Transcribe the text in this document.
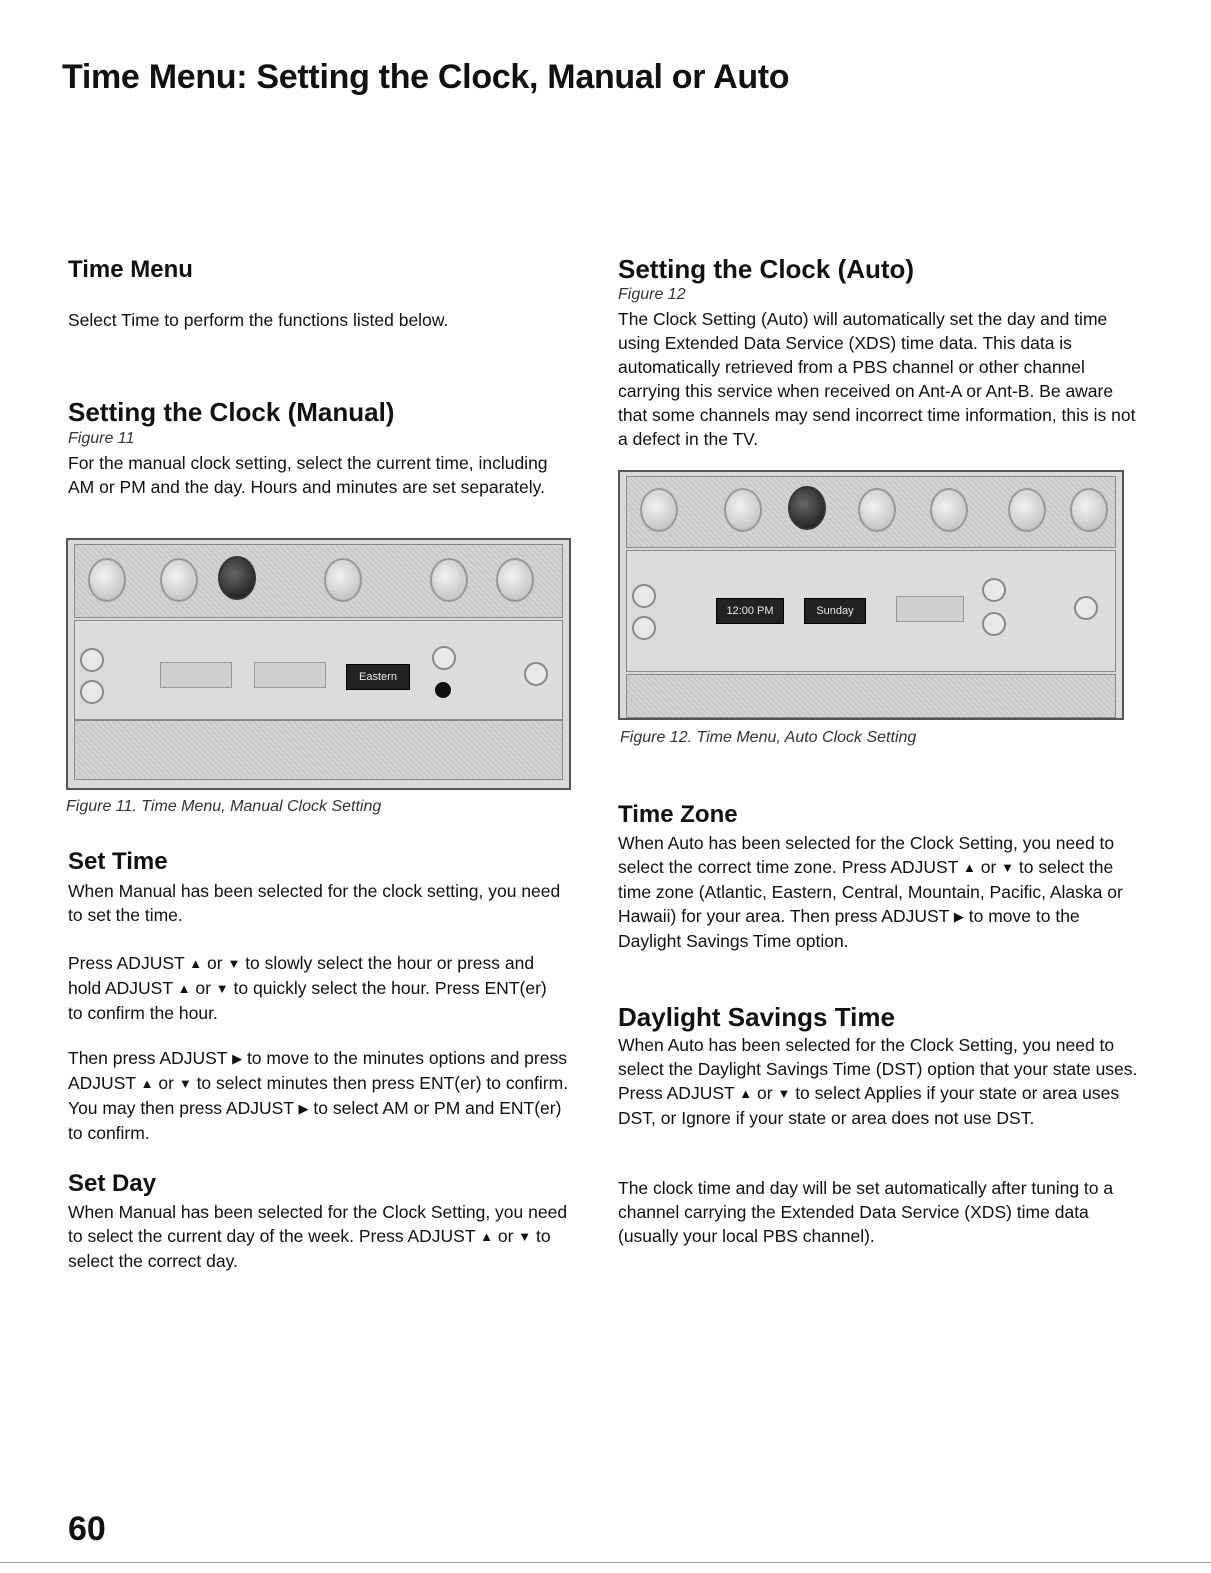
Time Menu: Setting the Clock, Manual or Auto
Time Menu

Select Time to perform the functions listed below.

Setting the Clock (Manual)

Figure 11

For the manual clock setting, select the current time, including AM or PM and the day. Hours and minutes are set separately.

Eastern

Figure 11. Time Menu, Manual Clock Setting

Set Time

When Manual has been selected for the clock setting, you need to set the time.

Press ADJUST ▲ or ▼ to slowly select the hour or press and hold ADJUST ▲ or ▼ to quickly select the hour. Press ENT(er) to confirm the hour.

Then press ADJUST ▶ to move to the minutes options and press ADJUST ▲ or ▼ to select minutes then press ENT(er) to confirm. You may then press ADJUST ▶ to select AM or PM and ENT(er) to confirm.

Set Day

When Manual has been selected for the Clock Setting, you need to select the current day of the week. Press ADJUST ▲ or ▼ to select the correct day.

Setting the Clock (Auto)

Figure 12

The Clock Setting (Auto) will automatically set the day and time using Extended Data Service (XDS) time data. This data is automatically retrieved from a PBS channel or other channel carrying this service when received on Ant-A or Ant-B. Be aware that some channels may send incorrect time information, this is not a defect in the TV.

12:00 PM	Sunday

Figure 12. Time Menu, Auto Clock Setting

Time Zone

When Auto has been selected for the Clock Setting, you need to select the correct time zone. Press ADJUST ▲ or ▼ to select the time zone (Atlantic, Eastern, Central, Mountain, Pacific, Alaska or Hawaii) for your area. Then press ADJUST ▶ to move to the Daylight Savings Time option.

Daylight Savings Time

When Auto has been selected for the Clock Setting, you need to select the Daylight Savings Time (DST) option that your state uses. Press ADJUST ▲ or ▼ to select Applies if your state or area uses DST, or Ignore if your state or area does not use DST.

The clock time and day will be set automatically after tuning to a channel carrying the Extended Data Service (XDS) time data (usually your local PBS channel).

60
